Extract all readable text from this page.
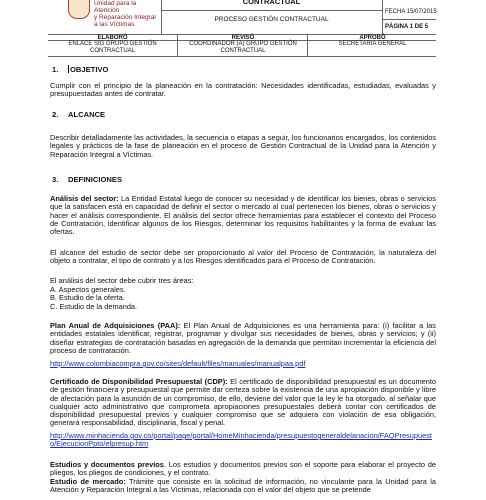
Unidad para la Atención
y Reparación Integral
a las Víctimas
CONTRACTUAL
PROCESO GESTIÓN CONTRACTUAL
FECHA 15/07/2015
PÁGINA 1 DE 5
ELABORÓ	REVISÓ	APROBÓ
ENLACE SIG GRUPO GESTIÓN CONTRACTUAL
COORDINADOR (A) GRUPO GESTIÓN CONTRACTUAL
SECRETARIA GENERAL
1. OBJETIVO
Cumplir con el principio de la planeación en la contratación: Necesidades identificadas, estudiadas, evaluadas y presupuestadas antes de contratar.
2. ALCANCE
Describir detalladamente las actividades, la secuencia o etapas a seguir, los funcionarios encargados, los contenidos legales y prácticos de la fase de planeación en el proceso de Gestión Contractual de la Unidad para la Atención y Reparación Integral a Víctimas.
3. DEFINICIONES
Análisis del sector: La Entidad Estatal luego de conocer su necesidad y de identificar los bienes, obras o servicios que la satisfacen está en capacidad de definir el sector o mercado al cual pertenecen los bienes, obras o servicios y hacer el análisis correspondiente. El análisis del sector ofrece herramientas para establecer el contexto del Proceso de Contratación, identificar algunos de los Riesgos, determinar los requisitos habilitantes y la forma de evaluar las ofertas.
El alcance del estudio de sector debe ser proporcionado al valor del Proceso de Contratación, la naturaleza del objeto a contratar, el tipo de contrato y a los Riesgos identificados para el Proceso de Contratación.
El análisis del sector debe cubrir tres áreas:
A. Aspectos generales.
B. Estudio de la oferta.
C. Estudio de la demanda.
Plan Anual de Adquisiciones (PAA): El Plan Anual de Adquisiciones es una herramienta para: (i) facilitar a las entidades estatales identificar, registrar, programar y divulgar sus necesidades de bienes, obras y servicios; y (ii) diseñar estrategias de contratación basadas en agregación de la demanda que permitan incrementar la eficiencia del proceso de contratación.
http://www.colombiacompra.gov.co/sites/default/files/manuales/manualpaa.pdf
Certificado de Disponibilidad Presupuestal (CDP): El certificado de disponibilidad presupuestal es un documento de gestión financiera y presupuestal que permite dar certeza sobre la existencia de una apropiación disponible y libre de afectación para la asunción de un compromiso, de ello, deviene del valor que la ley le ha otorgado, al señalar que cualquier acto administrativo que comprometa apropiaciones presupuestales deberá contar con certificados de disponibilidad presupuestal previos y cualquier compromiso que se adquiera con violación de esa obligación, generará responsabilidad, disciplinaria, fiscal y penal.
http://www.minhacienda.gov.co/portal/page/portal/HomeMinhacienda/presupuestogeneraldelanacion/FAQPresupuesto/EjecucionPpto/elpresup.htm
Estudios y documentos previos. Los estudios y documentos previos son el soporte para elaborar el proyecto de pliegos, los pliegos de condiciones, y el contrato.
Estudio de mercado: Trámite que consiste en la solicitud de información, no vinculante para la Unidad para la Atención y Reparación Integral a las Víctimas, relacionada con el valor del objeto que se pretende
